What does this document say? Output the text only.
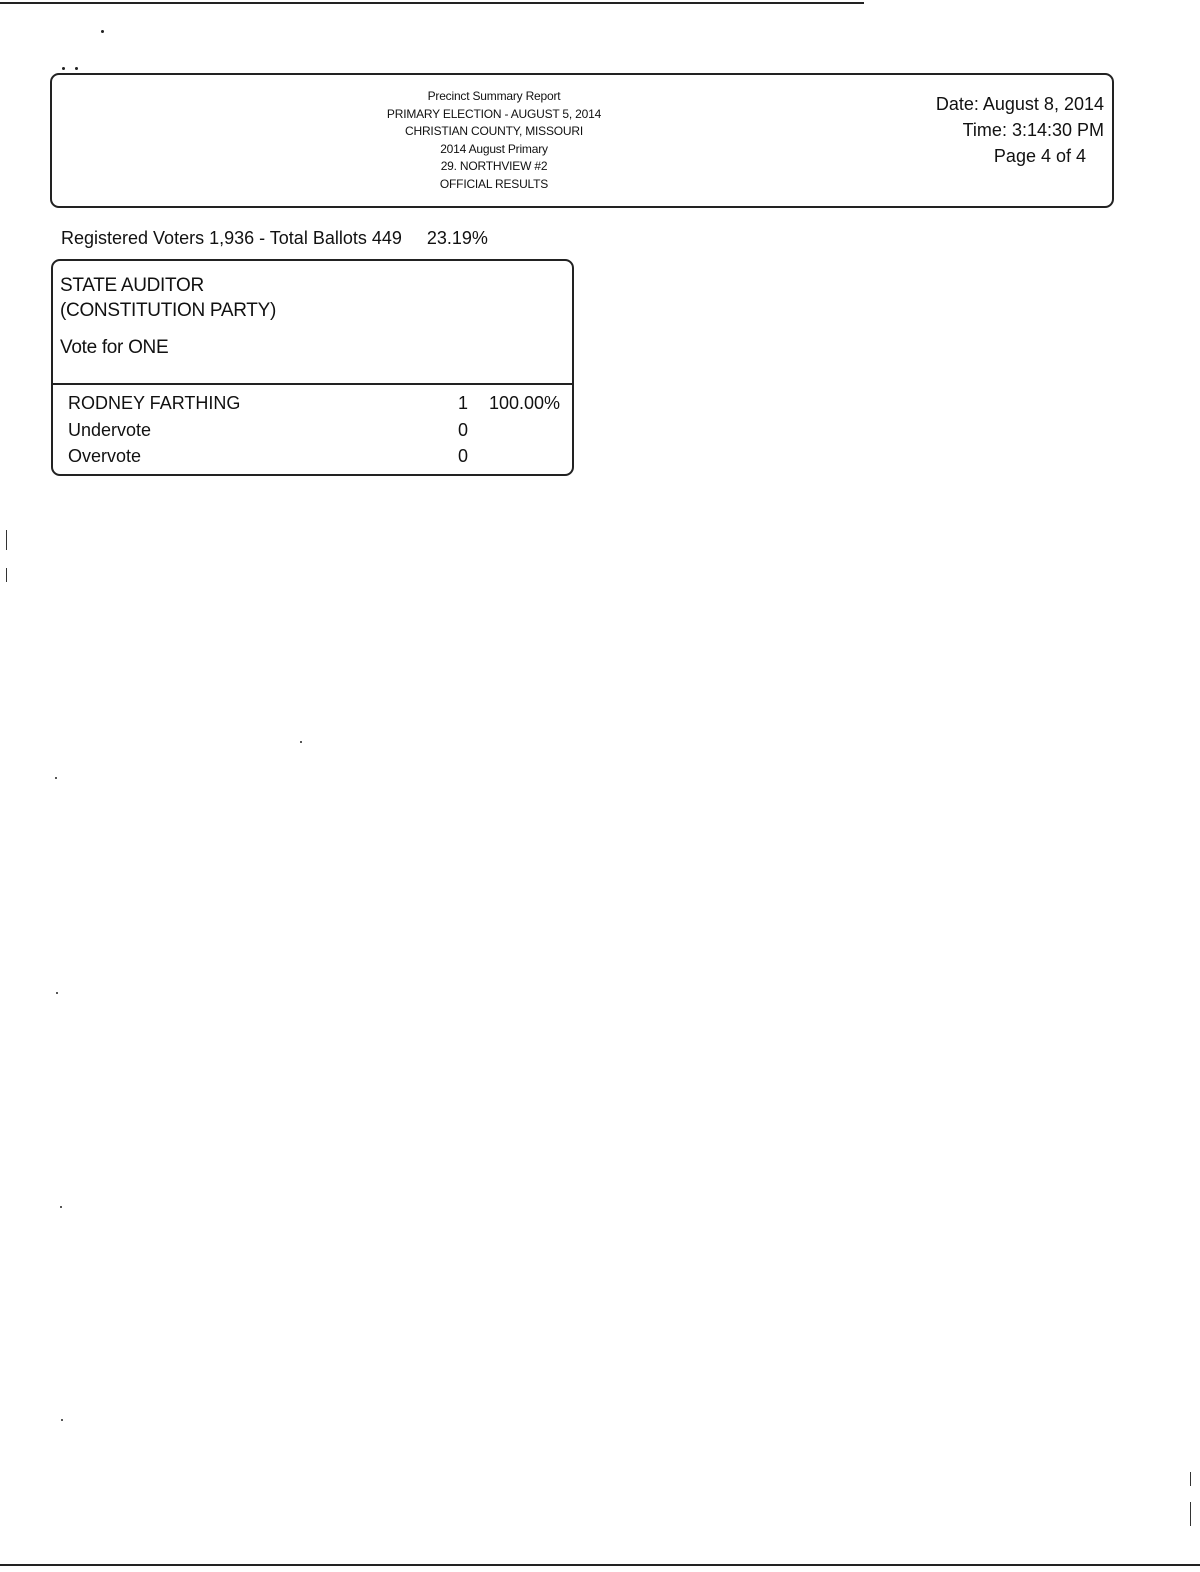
Precinct Summary Report
PRIMARY ELECTION - AUGUST 5, 2014
CHRISTIAN COUNTY, MISSOURI
2014 August Primary
29. NORTHVIEW #2
OFFICIAL RESULTS
Date: August 8, 2014
Time: 3:14:30 PM
Page 4 of 4
Registered Voters 1,936 - Total Ballots 449 23.19%
STATE AUDITOR
(CONSTITUTION PARTY)
Vote for ONE
RODNEY FARTHING	1	100.00%
Undervote	0
Overvote	0
